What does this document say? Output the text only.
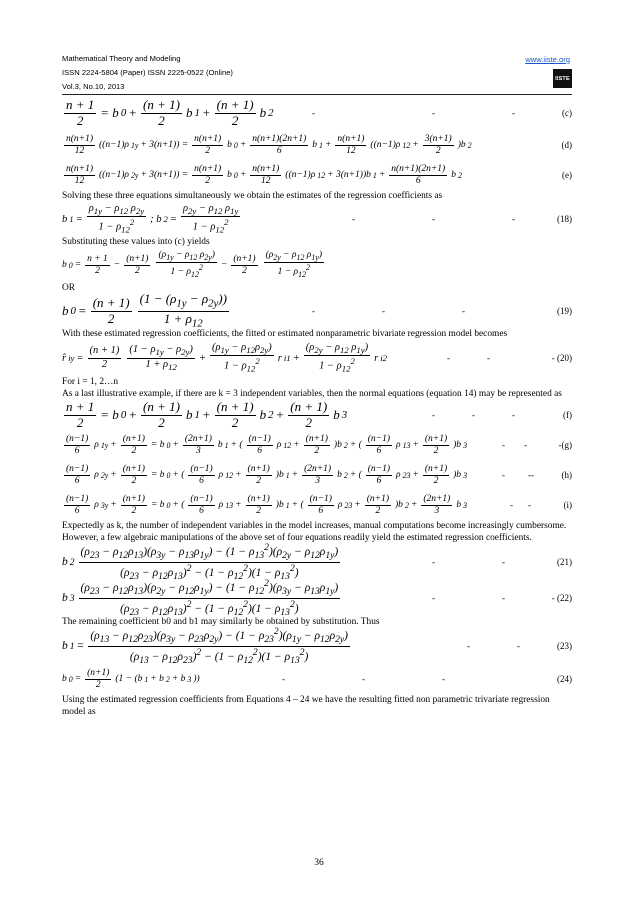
Mathematical Theory and Modeling	www.iiste.org
ISSN 2224-5804 (Paper) ISSN 2225-0522 (Online)
Vol.3, No.10, 2013
IISTE
$\frac{n + 1}{2} = b$ $0 + \frac{(n + 1)}{2}$ b $1 + \frac{(n + 1)}{2}$ b 2	-	-	-	(c)
$\frac{n(n+1)}{12} ((n-1)\rho$ $1y + 3(n+1)) = \frac{n(n+1)}{2}$ b $0 + \frac{n(n+1)(2n+1)}{6}$ b $1 + \frac{n(n+1)}{12} ((n-1)\rho$ $12 + \frac{3(n+1)}{2} )b$ 2	(d)
$\frac{n(n+1)}{12} ((n-1)\rho$ $2y + 3(n+1)) = \frac{n(n+1)}{2}$ b $0 + \frac{n(n+1)}{12} ((n-1)\rho$ 12 + 3(n+1))b $1 + \frac{n(n+1)(2n+1)}{6}$ b 2	(e)
Solving these three equations simultaneously we obtain the estimates of the regression coefficients as
b $1 = \frac{\rho_{1y} - \rho_{12} \rho_{2y}}{1 - \rho_{12}^2}$ ; b $2 = \frac{\rho_{2y} - \rho_{12} \rho_{1y}}{1 - \rho_{12}^2}$	-	-	-	(18)
Substituting these values into (c) yields
b $0 = \frac{n + 1}{2} - \frac{(n+1)}{2} \frac{(\rho_{1y} - \rho_{12} \rho_{2y})}{1 - \rho_{12}^2} - \frac{(n+1)}{2} \frac{(\rho_{2y} - \rho_{12} \rho_{1y})}{1 - \rho_{12}^2}$
OR
b $0 = \frac{(n + 1)}{2} \frac{(1 - (\rho_{1y} - \rho_{2y}))}{1 + \rho_{12}}$	-	-	-	(19)
With these estimated regression coefficients, the fitted or estimated nonparametric bivariate regression model becomes
r̂ iy = $\frac{(n + 1)}{2} \frac{(1 - \rho_{1y} - \rho_{2y})}{1 + \rho_{12}} + \frac{(\rho_{1y} - \rho_{12}\rho_{2y})}{1 - \rho_{12}^2}$ r $i1 + \frac{(\rho_{2y} - \rho_{12} \rho_{1y})}{1 - \rho_{12}^2}$ r i2	-	-	- (20)
For i = 1, 2…n
As a last illustrative example, if there are k = 3 independent variables, then the normal equations (equation 14) may be represented as
$\frac{n + 1}{2} = b$ $0 + \frac{(n + 1)}{2}$ b $1 + \frac{(n + 1)}{2}$ b $2 + \frac{(n + 1)}{2}$ b 3	-	-	-	(f)
$\frac{(n-1)}{6}$ ρ $1y + \frac{(n+1)}{2} = b$ $0 + \frac{(2n+1)}{3}$ b 1 + ( $\frac{(n-1)}{6}$ ρ $12 + \frac{(n+1)}{2} )b$ 2 + ( $\frac{(n-1)}{6}$ ρ $13 + \frac{(n+1)}{2} )b$ 3	- -	-(g)
$\frac{(n-1)}{6}$ ρ $2y + \frac{(n+1)}{2} = b$ 0 + ( $\frac{(n-1)}{6}$ ρ $12 + \frac{(n+1)}{2} )b$ $1 + \frac{(2n+1)}{3}$ b 2 + ( $\frac{(n-1)}{6}$ ρ $23 + \frac{(n+1)}{2} )b$ 3	-	--	(h)
$\frac{(n-1)}{6}$ ρ $3y + \frac{(n+1)}{2} = b$ 0 + ( $\frac{(n-1)}{6}$ ρ $13 + \frac{(n+1)}{2} )b$ 1 + ( $\frac{(n-1)}{6}$ ρ $23 + \frac{(n+1)}{2} )b$ $2 + \frac{(2n+1)}{3}$ b 3	- -	(i)
Expectedly as k, the number of independent variables in the model increases, manual computations become increasingly cumbersome. However, a few algebraic manipulations of the above set of four equations readily yield the estimated regression coefficients.
b $2 \frac{(\rho_{23} - \rho_{12}\rho_{13})(\rho_{3y} - \rho_{13}\rho_{1y}) - (1 - \rho_{13}^2)(\rho_{2y} - \rho_{12}\rho_{1y})}{(\rho_{23} - \rho_{12}\rho_{13})^2 - (1 - \rho_{12}^2)(1 - \rho_{13}^2)}$	-	-	(21)
b $3 \frac{(\rho_{23} - \rho_{12}\rho_{13})(\rho_{2y} - \rho_{12}\rho_{1y}) - (1 - \rho_{12}^2)(\rho_{3y} - \rho_{13}\rho_{1y})}{(\rho_{23} - \rho_{12}\rho_{13})^2 - (1 - \rho_{12}^2)(1 - \rho_{13}^2)}$	-	-	- (22)
The remaining coefficient b0 and b1 may similarly be obtained by substitution. Thus
b $1 = \frac{(\rho_{13} - \rho_{12}\rho_{23})(\rho_{3y} - \rho_{23}\rho_{2y}) - (1 - \rho_{23}^2)(\rho_{1y} - \rho_{12}\rho_{2y})}{(\rho_{13} - \rho_{12}\rho_{23})^2 - (1 - \rho_{12}^2)(1 - \rho_{13}^2)}$	-	-	(23)
b $0 = \frac{(n+1)}{2} (1 - (b$ 1 + b 2 + b 3 ))	-	-	-	(24)
Using the estimated regression coefficients from Equations 4 – 24 we have the resulting fitted non parametric trivariate regression model as
36
